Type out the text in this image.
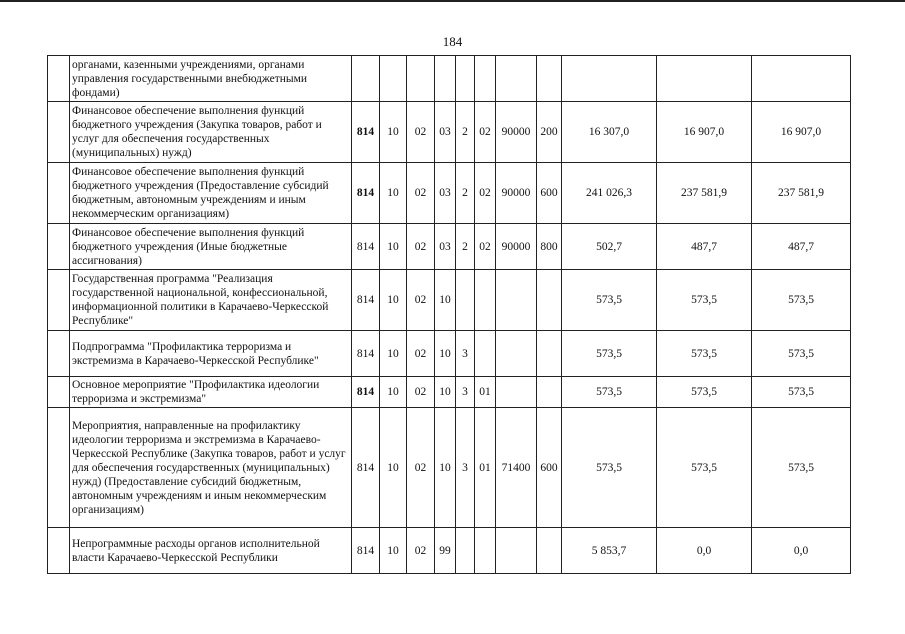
184
	органами, казенными учреждениями, органами управления государственными внебюджетными фондами)											
	Финансовое обеспечение выполнения функций бюджетного учреждения (Закупка товаров, работ и услуг для обеспечения государственных (муниципальных) нужд)	814	10	02	03	2	02	90000	200	16 307,0	16 907,0	16 907,0
	Финансовое обеспечение выполнения функций бюджетного учреждения (Предоставление субсидий бюджетным, автономным учреждениям и иным некоммерческим организациям)	814	10	02	03	2	02	90000	600	241 026,3	237 581,9	237 581,9
	Финансовое обеспечение выполнения функций бюджетного учреждения (Иные бюджетные ассигнования)	814	10	02	03	2	02	90000	800	502,7	487,7	487,7
	Государственная программа "Реализация государственной национальной, конфессиональной, информационной политики в Карачаево-Черкесской Республике"	814	10	02	10					573,5	573,5	573,5
	Подпрограмма "Профилактика терроризма и экстремизма в Карачаево-Черкесской Республике"	814	10	02	10	3				573,5	573,5	573,5
	Основное мероприятие "Профилактика идеологии терроризма и экстремизма"	814	10	02	10	3	01			573,5	573,5	573,5
	Мероприятия, направленные на профилактику идеологии терроризма и экстремизма в Карачаево-Черкесской Республике (Закупка товаров, работ и услуг для обеспечения государственных (муниципальных) нужд) (Предоставление субсидий бюджетным, автономным учреждениям и иным некоммерческим организациям)	814	10	02	10	3	01	71400	600	573,5	573,5	573,5
	Непрограммные расходы органов исполнительной власти Карачаево-Черкесской Республики	814	10	02	99					5 853,7	0,0	0,0
